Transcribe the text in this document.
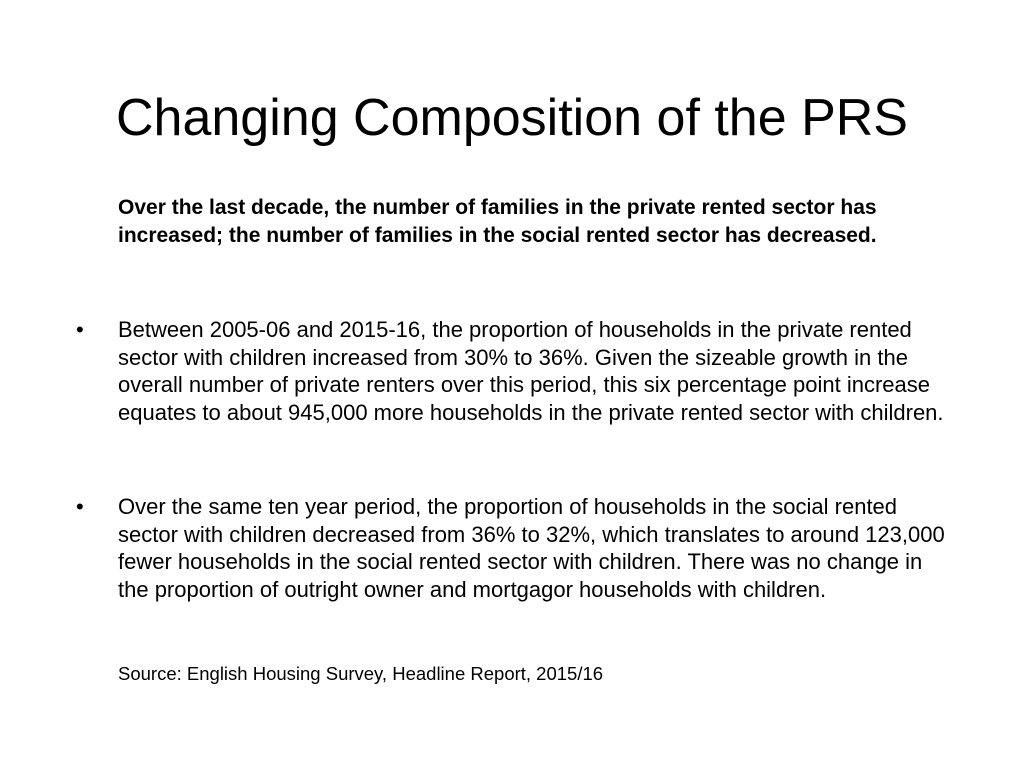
Changing Composition of the PRS

Over the last decade, the number of families in the private rented sector has increased; the number of families in the social rented sector has decreased.

• Between 2005-06 and 2015-16, the proportion of households in the private rented sector with children increased from 30% to 36%. Given the sizeable growth in the overall number of private renters over this period, this six percentage point increase equates to about 945,000 more households in the private rented sector with children.
• Over the same ten year period, the proportion of households in the social rented sector with children decreased from 36% to 32%, which translates to around 123,000 fewer households in the social rented sector with children. There was no change in the proportion of outright owner and mortgagor households with children.

Source: English Housing Survey, Headline Report, 2015/16
